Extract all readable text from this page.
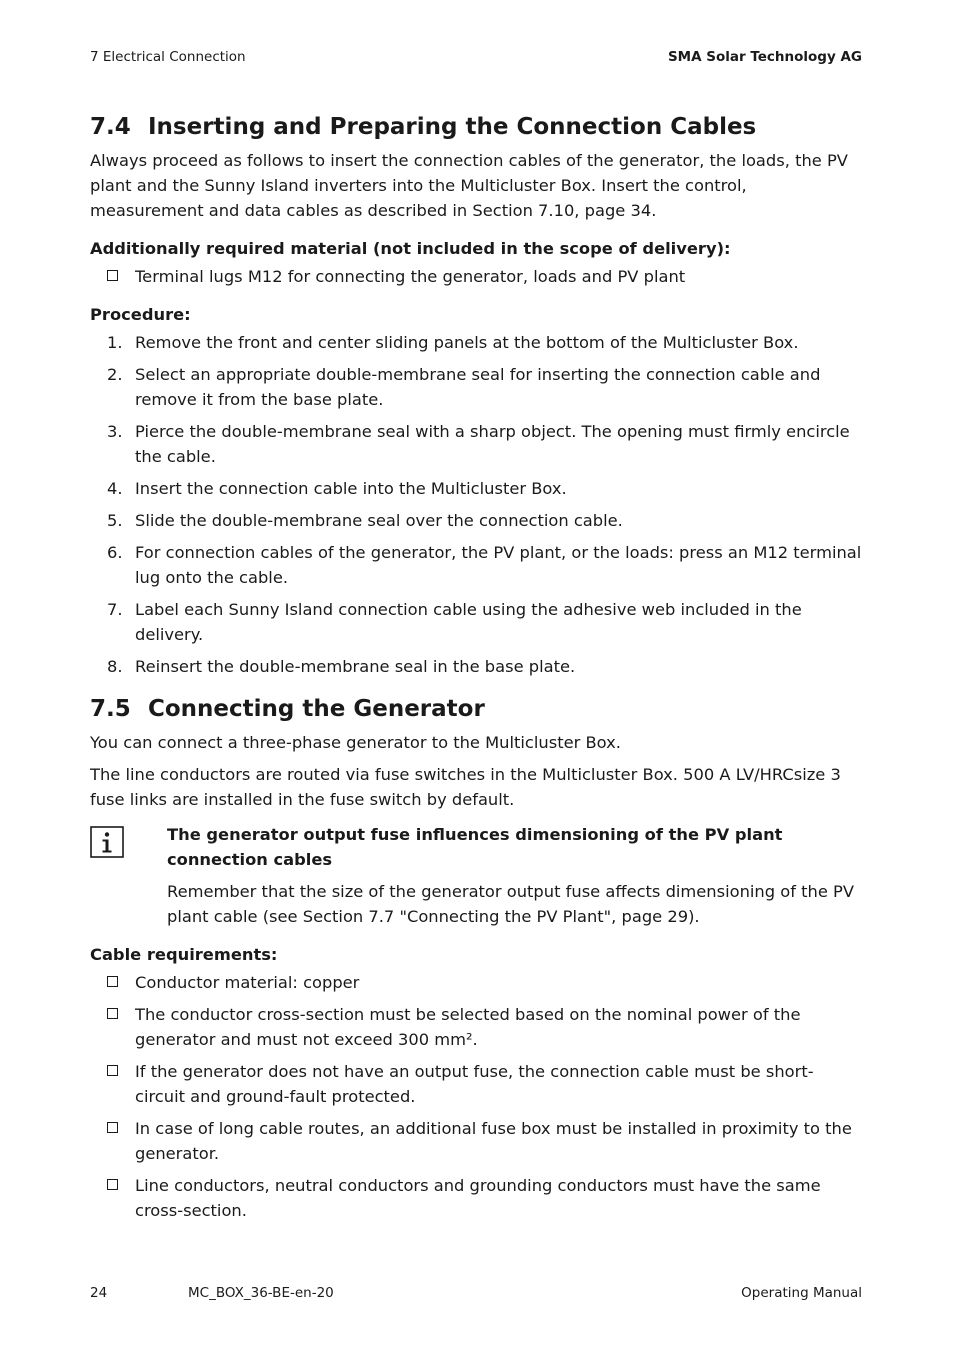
7 Electrical Connection	SMA Solar Technology AG
7.4 Inserting and Preparing the Connection Cables

Always proceed as follows to insert the connection cables of the generator, the loads, the PV plant and the Sunny Island inverters into the Multicluster Box. Insert the control, measurement and data cables as described in Section 7.10, page 34.

Additionally required material (not included in the scope of delivery):

Terminal lugs M12 for connecting the generator, loads and PV plant

Procedure:

1. Remove the front and center sliding panels at the bottom of the Multicluster Box.
2. Select an appropriate double-membrane seal for inserting the connection cable and remove it from the base plate.
3. Pierce the double-membrane seal with a sharp object. The opening must firmly encircle the cable.
4. Insert the connection cable into the Multicluster Box.
5. Slide the double-membrane seal over the connection cable.
6. For connection cables of the generator, the PV plant, or the loads: press an M12 terminal lug onto the cable.
7. Label each Sunny Island connection cable using the adhesive web included in the delivery.
8. Reinsert the double-membrane seal in the base plate.
7.5 Connecting the Generator

You can connect a three-phase generator to the Multicluster Box.

The line conductors are routed via fuse switches in the Multicluster Box. 500 A LV/HRCsize 3 fuse links are installed in the fuse switch by default.

The generator output fuse influences dimensioning of the PV plant connection cables

Remember that the size of the generator output fuse affects dimensioning of the PV plant cable (see Section 7.7 "Connecting the PV Plant", page 29).

Cable requirements:

Conductor material: copper
The conductor cross-section must be selected based on the nominal power of the generator and must not exceed 300 mm².
If the generator does not have an output fuse, the connection cable must be short-circuit and ground-fault protected.
In case of long cable routes, an additional fuse box must be installed in proximity to the generator.
Line conductors, neutral conductors and grounding conductors must have the same cross-section.
24	MC_BOX_36-BE-en-20	Operating Manual
